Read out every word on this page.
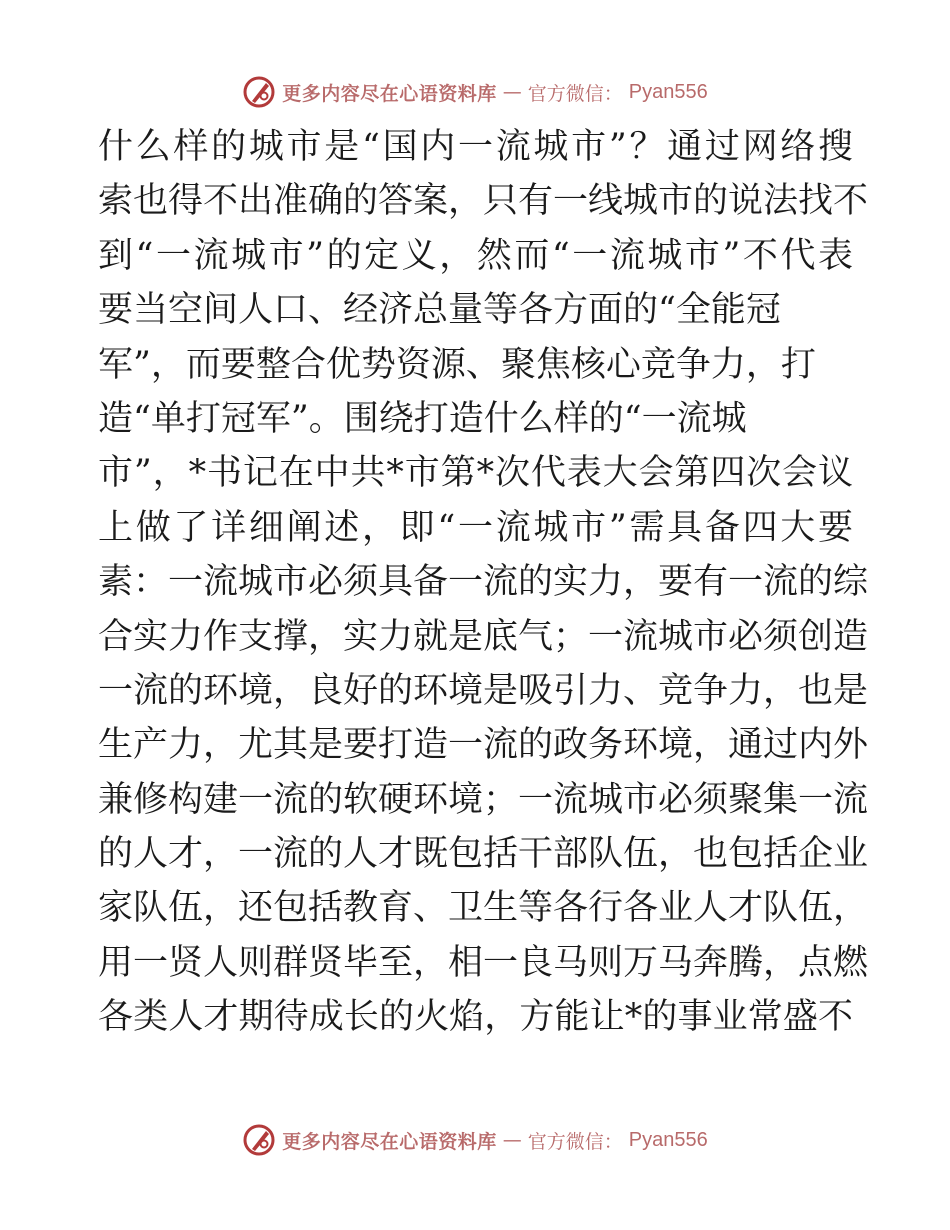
更多内容尽在心语资料库 — 官方微信： Pyan556
什么样的城市是“国内一流城市”？通过网络搜
索也得不出准确的答案，只有一线城市的说法找不
到“一流城市”的定义，然而“一流城市”不代表
要当空间人口、经济总量等各方面的“全能冠
军”，而要整合优势资源、聚焦核心竞争力，打
造“单打冠军”。围绕打造什么样的“一流城
市”，*书记在中共*市第*次代表大会第四次会议
上做了详细阐述，即“一流城市”需具备四大要
素：一流城市必须具备一流的实力，要有一流的综
合实力作支撑，实力就是底气；一流城市必须创造
一流的环境，良好的环境是吸引力、竞争力，也是
生产力，尤其是要打造一流的政务环境，通过内外
兼修构建一流的软硬环境；一流城市必须聚集一流
的人才，一流的人才既包括干部队伍，也包括企业
家队伍，还包括教育、卫生等各行各业人才队伍，
用一贤人则群贤毕至，相一良马则万马奔腾，点燃
各类人才期待成长的火焰，方能让*的事业常盛不
更多内容尽在心语资料库 — 官方微信： Pyan556
